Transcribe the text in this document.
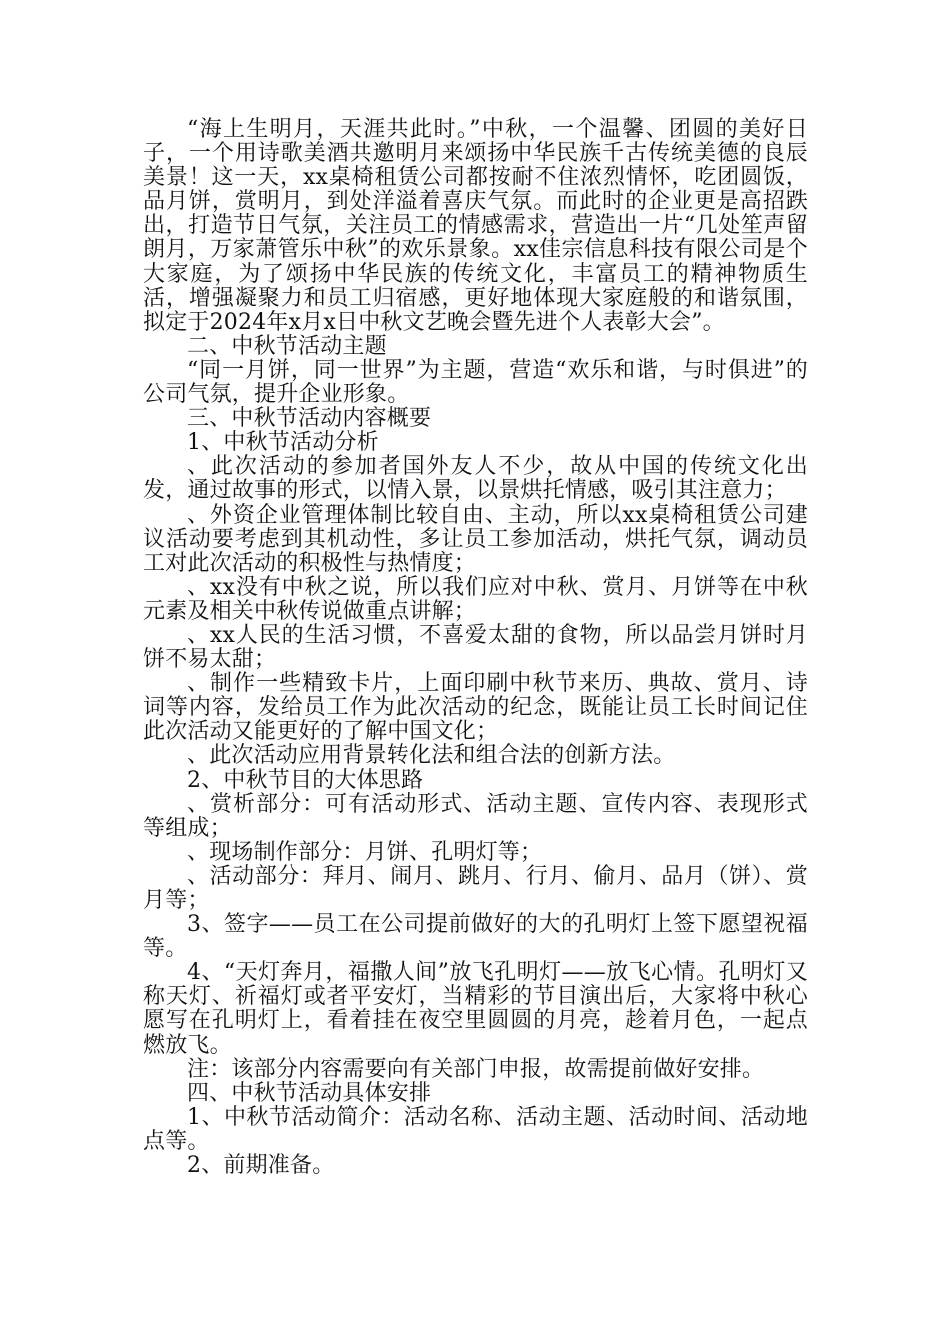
“海上生明月，天涯共此时。”中秋，一个温馨、团圆的美好日子，一个用诗歌美酒共邀明月来颂扬中华民族千古传统美德的良辰美景！这一天，xx桌椅租赁公司都按耐不住浓烈情怀，吃团圆饭，品月饼，赏明月，到处洋溢着喜庆气氛。而此时的企业更是高招跌出，打造节日气氛，关注员工的情感需求，营造出一片“几处笙声留朗月，万家萧管乐中秋”的欢乐景象。xx佳宗信息科技有限公司是个大家庭，为了颂扬中华民族的传统文化，丰富员工的精神物质生活，增强凝聚力和员工归宿感，更好地体现大家庭般的和谐氛围，拟定于2024年x月x日中秋文艺晚会暨先进个人表彰大会”。

二、中秋节活动主题

“同一月饼，同一世界”为主题，营造“欢乐和谐，与时俱进”的公司气氛，提升企业形象。

三、中秋节活动内容概要

1、中秋节活动分析

、此次活动的参加者国外友人不少，故从中国的传统文化出发，通过故事的形式，以情入景，以景烘托情感，吸引其注意力；

、外资企业管理体制比较自由、主动，所以xx桌椅租赁公司建议活动要考虑到其机动性，多让员工参加活动，烘托气氛，调动员工对此次活动的积极性与热情度；

、xx没有中秋之说，所以我们应对中秋、赏月、月饼等在中秋元素及相关中秋传说做重点讲解；

、xx人民的生活习惯，不喜爱太甜的食物，所以品尝月饼时月饼不易太甜；

、制作一些精致卡片，上面印刷中秋节来历、典故、赏月、诗词等内容，发给员工作为此次活动的纪念，既能让员工长时间记住此次活动又能更好的了解中国文化；

、此次活动应用背景转化法和组合法的创新方法。

2、中秋节目的大体思路

、赏析部分：可有活动形式、活动主题、宣传内容、表现形式等组成；

、现场制作部分：月饼、孔明灯等；

、活动部分：拜月、闹月、跳月、行月、偷月、品月（饼）、赏月等；

3、签字——员工在公司提前做好的大的孔明灯上签下愿望祝福等。

4、“天灯奔月，福撒人间”放飞孔明灯——放飞心情。孔明灯又称天灯、祈福灯或者平安灯，当精彩的节目演出后，大家将中秋心愿写在孔明灯上，看着挂在夜空里圆圆的月亮，趁着月色，一起点燃放飞。

注：该部分内容需要向有关部门申报，故需提前做好安排。

四、中秋节活动具体安排

1、中秋节活动简介：活动名称、活动主题、活动时间、活动地点等。

2、前期准备。
